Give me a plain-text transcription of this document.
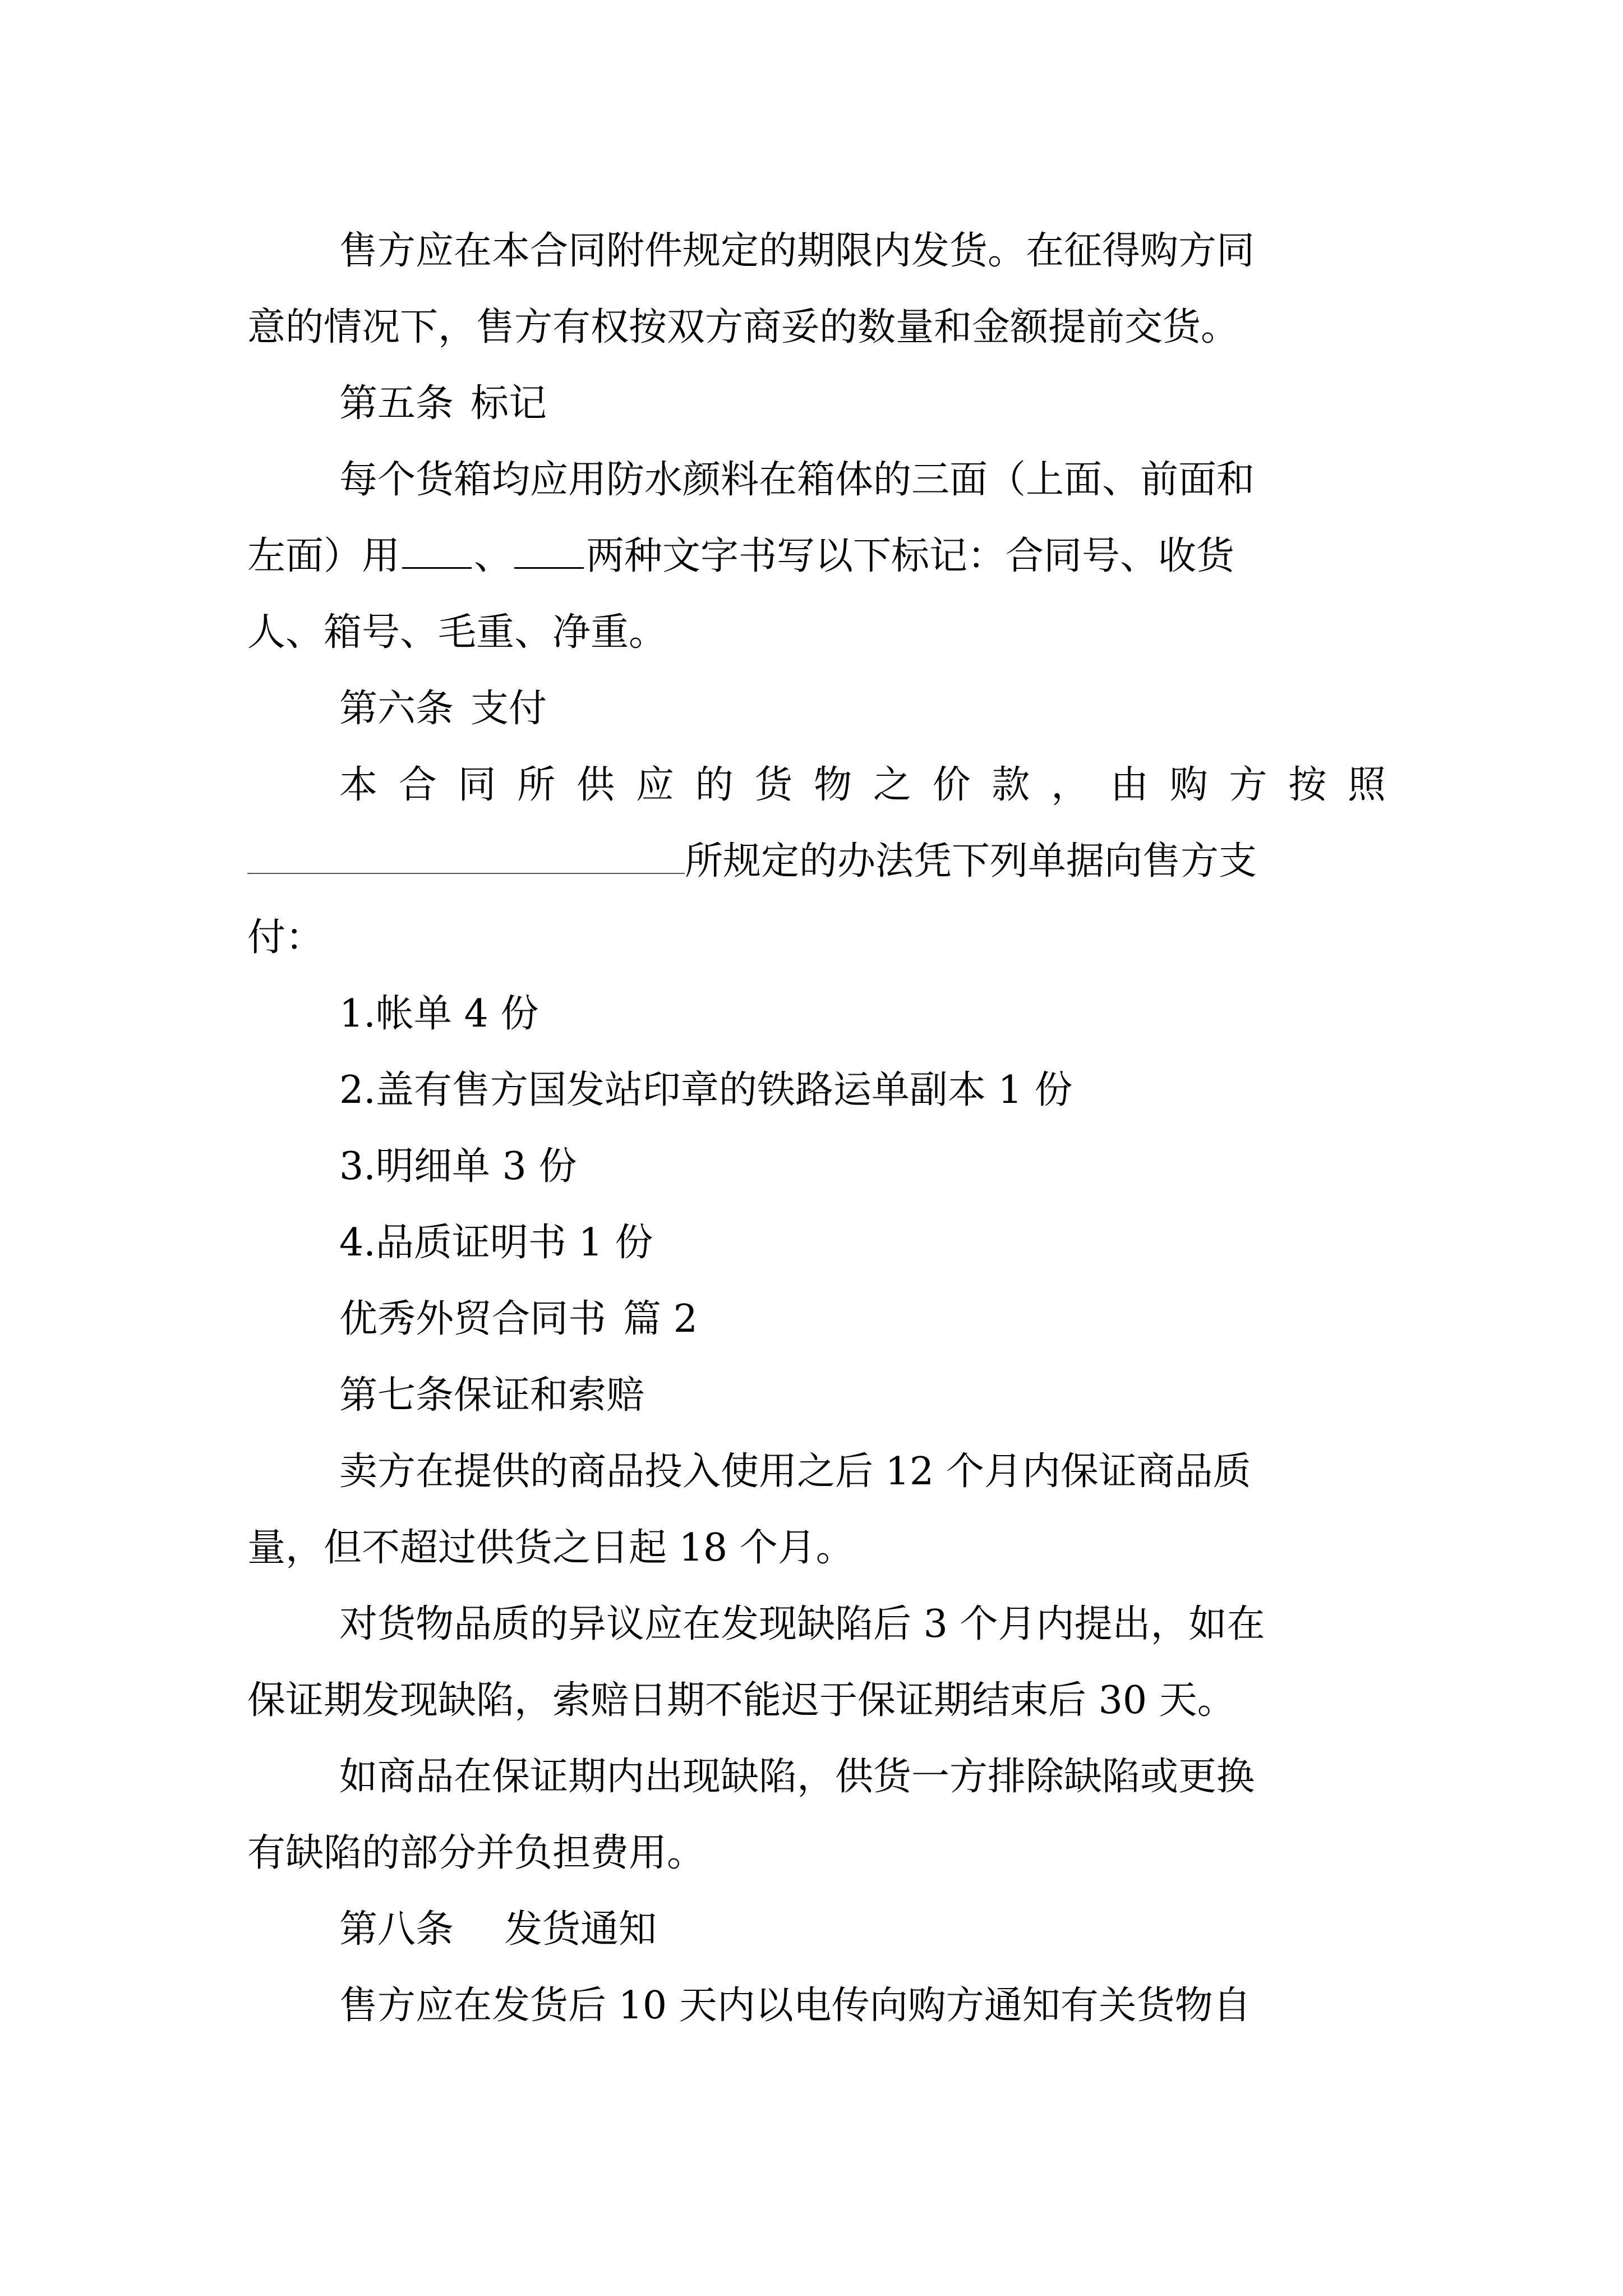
售方应在本合同附件规定的期限内发货。在征得购方同
意的情况下，售方有权按双方商妥的数量和金额提前交货。
第五条 标记
每个货箱均应用防水颜料在箱体的三面（上面、前面和
左面）用 、 两种文字书写以下标记：合同号、收货
人、箱号、毛重、净重。
第六条 支付
本 合 同 所 供 应 的 货 物 之 价 款 ， 由 购 方 按 照
所规定的办法凭下列单据向售方支
付：
1.帐单 4 份
2.盖有售方国发站印章的铁路运单副本 1 份
3.明细单 3 份
4.品质证明书 1 份
优秀外贸合同书 篇 2
第七条保证和索赔
卖方在提供的商品投入使用之后 12 个月内保证商品质
量，但不超过供货之日起 18 个月。
对货物品质的异议应在发现缺陷后 3 个月内提出，如在
保证期发现缺陷，索赔日期不能迟于保证期结束后 30 天。
如商品在保证期内出现缺陷，供货一方排除缺陷或更换
有缺陷的部分并负担费用。
第八条 发货通知
售方应在发货后 10 天内以电传向购方通知有关货物自
